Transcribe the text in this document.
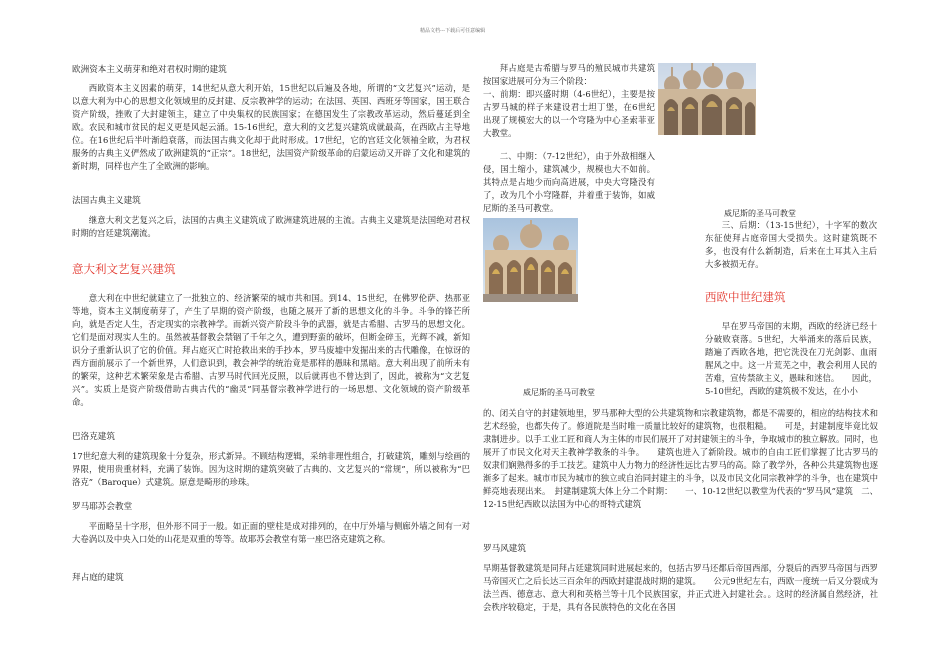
精品文档---下载后可任意编辑

欧洲资本主义萌芽和绝对君权时期的建筑

西欧资本主义因素的萌芽，14世纪从意大利开始，15世纪以后遍及各地，所谓的“文艺复兴”运动，是以意大利为中心的思想文化领域里的反封建、反宗教神学的运动；在法国、英国、西班牙等国家，国王联合资产阶级，挫败了大封建领主，建立了中央集权的民族国家；在德国发生了宗教改革运动，然后蔓延到全欧。农民和城市贫民的起义更是风起云涌。15-16世纪，意大利的文艺复兴建筑成就最高，在西欧占主导地位。在16世纪后半叶渐趋衰落，而法国古典文化却于此时形成。17世纪，它的宫廷文化领袖全欧，为君权服务的古典主义俨然成了欧洲建筑的“正宗”。18世纪，法国资产阶级革命的启蒙运动又开辟了文化和建筑的新时期，同样也产生了全欧洲的影响。

法国古典主义建筑

继意大利文艺复兴之后，法国的古典主义建筑成了欧洲建筑进展的主流。古典主义建筑是法国绝对君权时期的宫廷建筑潮流。

意大利文艺复兴建筑

意大利在中世纪就建立了一批独立的、经济繁荣的城市共和国。到14、15世纪，在佛罗伦萨、热那亚等地，资本主义制度萌芽了，产生了早期的资产阶级，也随之展开了新的思想文化的斗争。斗争的锋芒所向，就是否定人生，否定现实的宗教神学。而新兴资产阶段斗争的武器，就是古希腊、古罗马的思想文化。它们是面对现实人生的。虽然被基督教会禁锢了千年之久，遭到野蛮的破坏，但断金碎玉，光辉不减，新知识分子重新认识了它的价值。拜占庭灭亡时抢救出来的手抄本，罗马废墟中发掘出来的古代雕像，在惊讶的西方面前展示了一个新世界，人们意识到，教会神学的统治竟是那样的愚昧和黑暗。意大利出现了前所未有的繁荣，这种艺术繁荣象是古希腊、古罗马时代回光反照，以后就再也不曾达到了，因此，被称为“文艺复兴”。实质上是资产阶级借助古典古代的“幽灵”同基督宗教神学进行的一场思想、文化领域的资产阶级革命。

巴洛克建筑

17世纪意大利的建筑现象十分复杂，形式新异。不顾结构逻辑，采纳非理性组合，打破建筑，雕刻与绘画的界限，使用贵重材料，充满了装饰。因为这时期的建筑突破了古典的、文艺复兴的“常规”，所以被称为“巴洛克”（Baroque）式建筑。原意是畸形的珍珠。

罗马耶苏会教堂

平面略呈十字形，但外形不同于一般。如正面的壁柱是成对排列的，在中厅外墙与侧廊外墙之间有一对大卷涡以及中央入口处的山花是双重的等等。故耶苏会教堂有第一座巴洛克建筑之称。

拜占庭的建筑

拜占庭是古希腊与罗马的殖民城市共建筑按国家进展可分为三个阶段：

一、前期：即兴盛时期（4-6世纪），主要是按古罗马城的样子来建设君士坦丁堡，在6世纪出现了规模宏大的以一个穹隆为中心圣索菲亚大教堂。

二、中期：（7-12世纪），由于外敌相继入侵，国土缩小，建筑减少，规模也大不如前。其特点是占地少而向高进展，中央大穹隆没有了，改为几个小穹隆群，并着重于装饰，如威尼斯的圣马可教堂。

威尼斯的圣马可教堂

三、后期：（13-15世纪），十字军的数次东征使拜占庭帝国大受损失。这时建筑既不多，也没有什么新制造，后来在土耳其入主后大多被损无存。

西欧中世纪建筑

早在罗马帝国的末期，西欧的经济已经十分破败衰落。5世纪，大举涌来的落后民族，踏遍了西欧各地，把它洗没在刀光剑影、血雨腥风之中。这一片荒芜之中，教会利用人民的苦难，宣传禁欲主义，愚昧和迷信。　　因此，5-10世纪，西欧的建筑极不发达，在小小

威尼斯的圣马可教堂

的、闭关自守的封建领地里，罗马那种大型的公共建筑物和宗教建筑物，都是不需要的，相应的结构技术和艺术经验，也都失传了。修道院是当时唯一质量比较好的建筑物，也很粗糙。　　可是，封建制度毕竟比奴隶制进步。以手工业工匠和商人为主体的市民们展开了对封建领主的斗争，争取城市的独立解放。同时，也展开了市民文化对天主教神学教条的斗争。　　建筑也进入了新阶段。城市的自由工匠们掌握了比古罗马的奴隶们娴熟得多的手工技艺。建筑中人力物力的经济性远比古罗马的高。除了教学外，各种公共建筑物也逐渐多了起来。城市市民为城市的独立或自治同封建主的斗争，以及市民文化同宗教神学的斗争，也在建筑中鲜亮地表现出来。　封建制建筑大体上分二个时期：　　一、10-12世纪以教堂为代表的“罗马风”建筑　二、12-15世纪西欧以法国为中心的哥特式建筑

罗马风建筑

早期基督教建筑是同拜占廷建筑同时进展起来的，包括古罗马还都后帝国西部，分裂后的西罗马帝国与西罗马帝国灭亡之后长达三百余年的西欧封建混战时期的建筑。　　公元9世纪左右，西欧一度统一后又分裂成为法兰西、德意志、意大利和英格兰等十几个民族国家，并正式进入封建社会。。这时的经济属自然经济，社会秩序较稳定，于是，具有各民族特色的文化在各国
